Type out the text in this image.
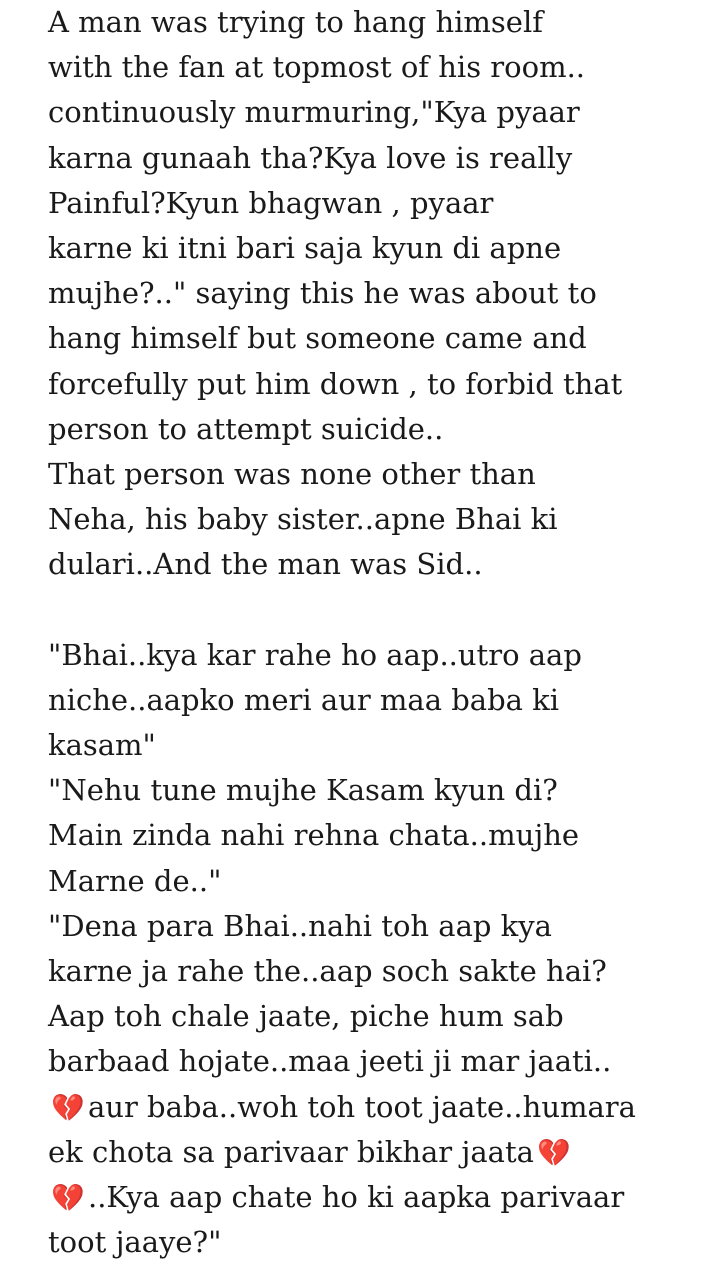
A man was trying to hang himself
with the fan at topmost of his room..
continuously murmuring,"Kya pyaar
karna gunaah tha?Kya love is really
Painful?Kyun bhagwan , pyaar
karne ki itni bari saja kyun di apne
mujhe?.." saying this he was about to
hang himself but someone came and
forcefully put him down , to forbid that
person to attempt suicide..
That person was none other than
Neha, his baby sister..apne Bhai ki
dulari..And the man was Sid..
"Bhai..kya kar rahe ho aap..utro aap
niche..aapko meri aur maa baba ki
kasam"
"Nehu tune mujhe Kasam kyun di?
Main zinda nahi rehna chata..mujhe
Marne de.."
"Dena para Bhai..nahi toh aap kya
karne ja rahe the..aap soch sakte hai?
Aap toh chale jaate, piche hum sab
barbaad hojate..maa jeeti ji mar jaati..
💔 aur baba..woh toh toot jaate..humara
ek chota sa parivaar bikhar jaata 💔
💔 ..Kya aap chate ho ki aapka parivaar
toot jaaye?"
